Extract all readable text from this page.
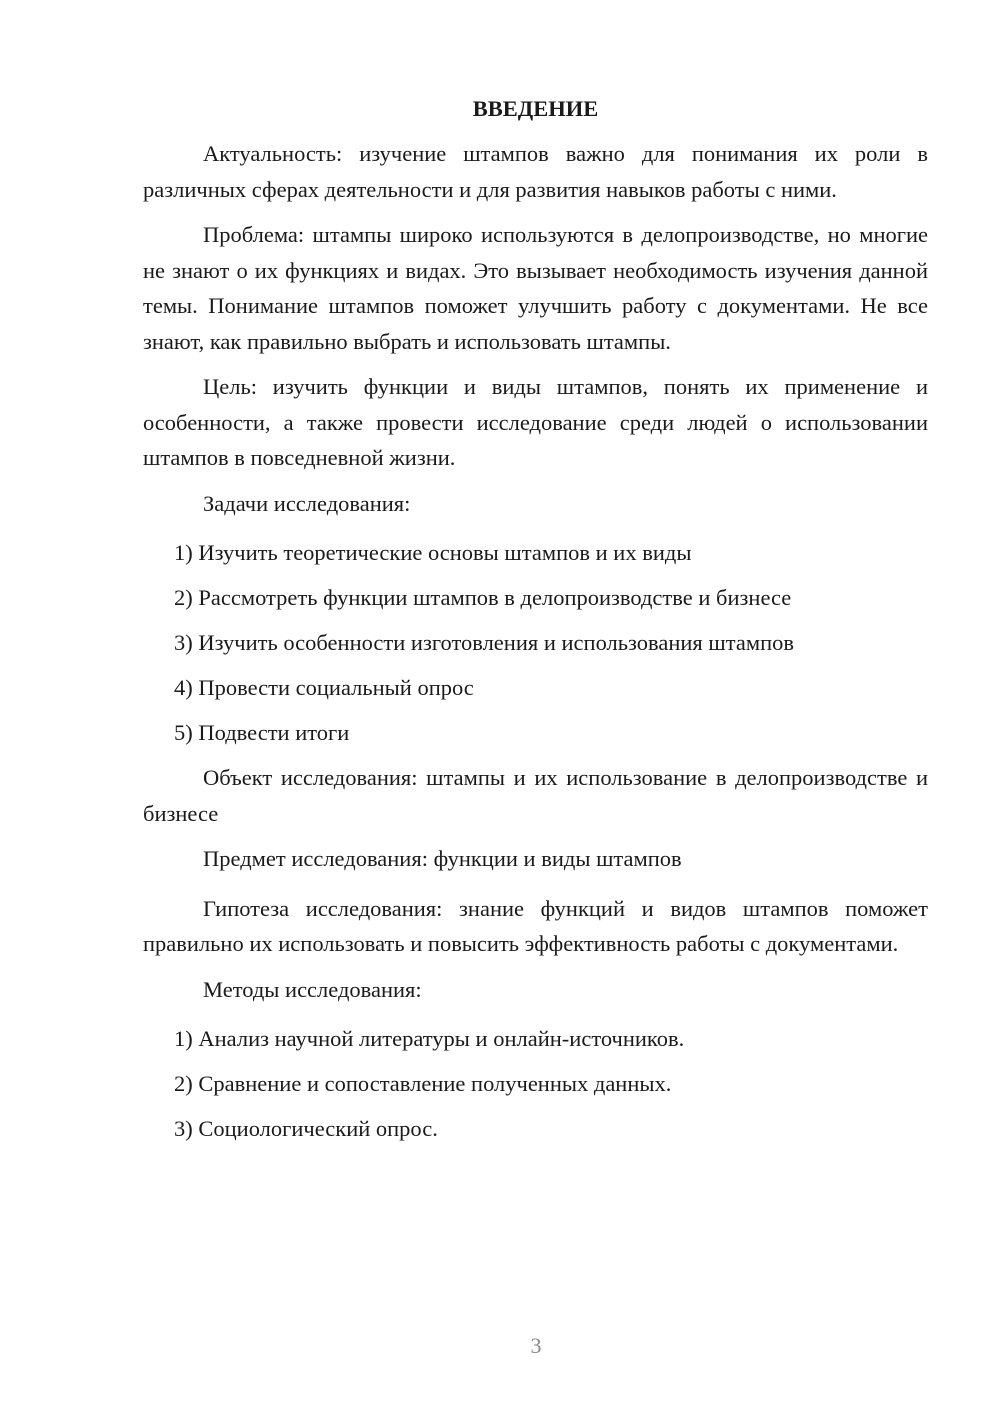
ВВЕДЕНИЕ
Актуальность: изучение штампов важно для понимания их роли в различных сферах деятельности и для развития навыков работы с ними.
Проблема: штампы широко используются в делопроизводстве, но многие не знают о их функциях и видах. Это вызывает необходимость изучения данной темы. Понимание штампов поможет улучшить работу с документами. Не все знают, как правильно выбрать и использовать штампы.
Цель: изучить функции и виды штампов, понять их применение и особенности, а также провести исследование среди людей о использовании штампов в повседневной жизни.
Задачи исследования:
1) Изучить теоретические основы штампов и их виды
2) Рассмотреть функции штампов в делопроизводстве и бизнесе
3) Изучить особенности изготовления и использования штампов
4) Провести социальный опрос
5) Подвести итоги
Объект исследования: штампы и их использование в делопроизводстве и бизнесе
Предмет исследования: функции и виды штампов
Гипотеза исследования: знание функций и видов штампов поможет правильно их использовать и повысить эффективность работы с документами.
Методы исследования:
1) Анализ научной литературы и онлайн-источников.
2) Сравнение и сопоставление полученных данных.
3) Социологический опрос.
3
